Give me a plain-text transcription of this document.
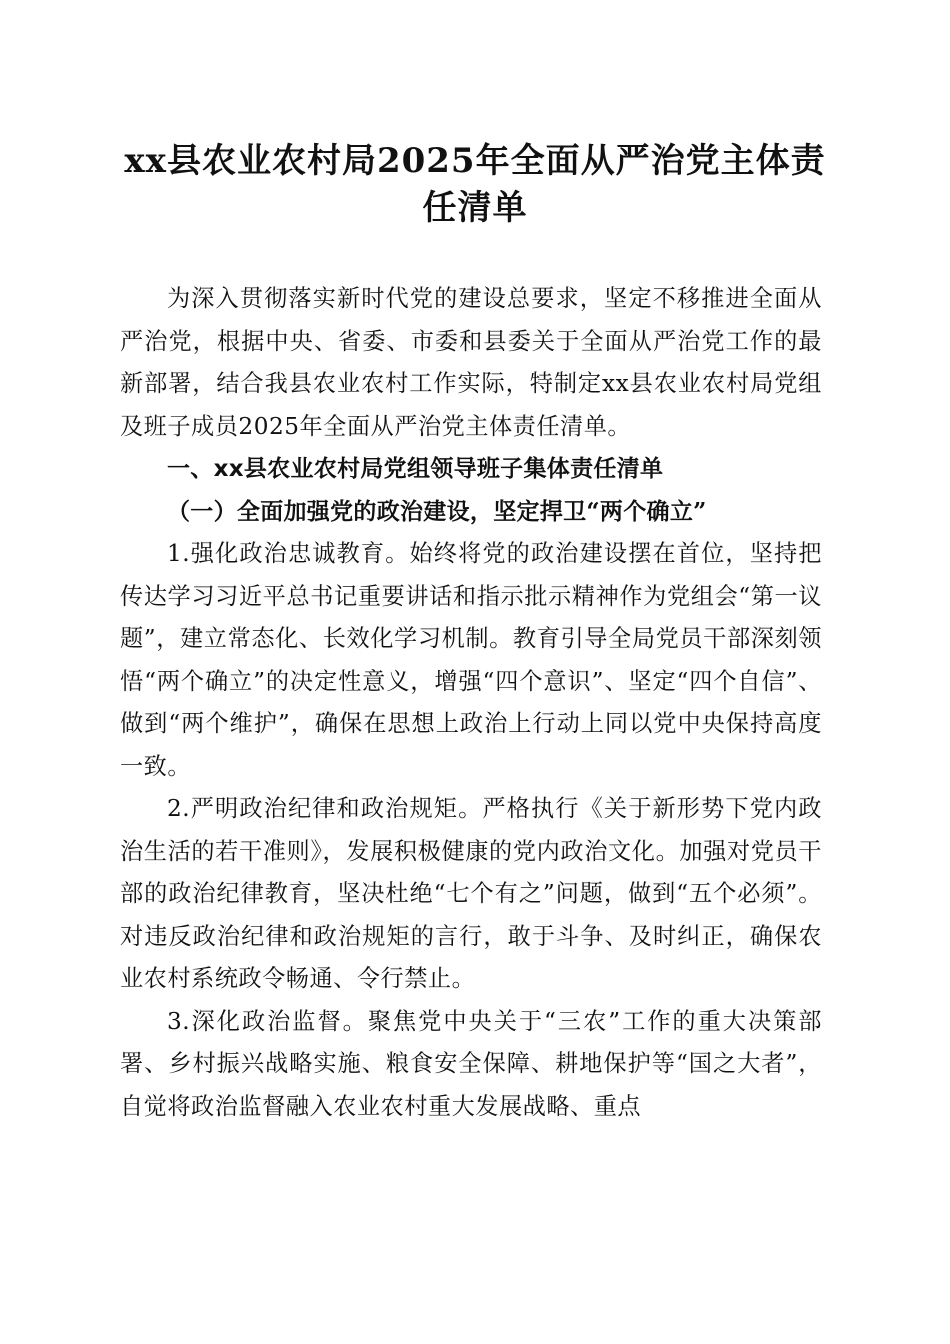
xx县农业农村局2025年全面从严治党主体责任清单

为深入贯彻落实新时代党的建设总要求，坚定不移推进全面从严治党，根据中央、省委、市委和县委关于全面从严治党工作的最新部署，结合我县农业农村工作实际，特制定xx县农业农村局党组及班子成员2025年全面从严治党主体责任清单。

一、xx县农业农村局党组领导班子集体责任清单

（一）全面加强党的政治建设，坚定捍卫“两个确立”

1.强化政治忠诚教育。始终将党的政治建设摆在首位，坚持把传达学习习近平总书记重要讲话和指示批示精神作为党组会“第一议题”，建立常态化、长效化学习机制。教育引导全局党员干部深刻领悟“两个确立”的决定性意义，增强“四个意识”、坚定“四个自信”、做到“两个维护”，确保在思想上政治上行动上同以党中央保持高度一致。

2.严明政治纪律和政治规矩。严格执行《关于新形势下党内政治生活的若干准则》，发展积极健康的党内政治文化。加强对党员干部的政治纪律教育，坚决杜绝“七个有之”问题，做到“五个必须”。对违反政治纪律和政治规矩的言行，敢于斗争、及时纠正，确保农业农村系统政令畅通、令行禁止。

3.深化政治监督。聚焦党中央关于“三农”工作的重大决策部署、乡村振兴战略实施、粮食安全保障、耕地保护等“国之大者”，自觉将政治监督融入农业农村重大发展战略、重点
